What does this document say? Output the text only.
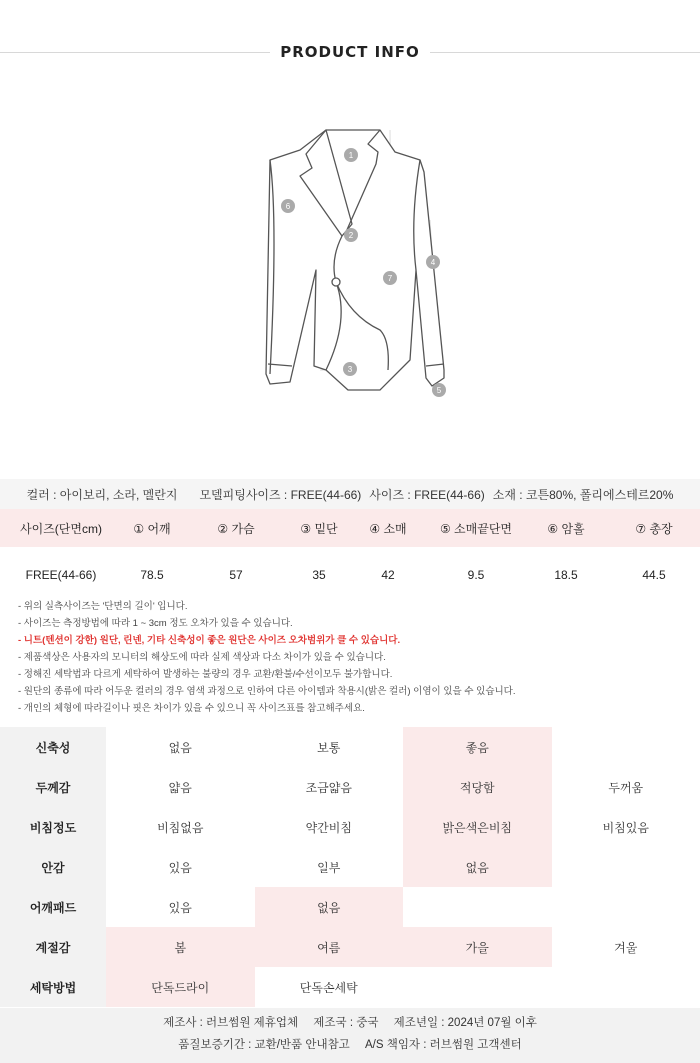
PRODUCT INFO
1
2
3
4
5
6
7
컬러 : 아이보리, 소라, 멜란지 모델피팅사이즈 : FREE(44-66) 사이즈 : FREE(44-66) 소재 : 코튼80%, 폴리에스테르20%
사이즈(단면cm)	① 어깨	② 가슴	③ 밑단	④ 소매	⑤ 소매끝단면	⑥ 암홀	⑦ 총장
FREE(44-66)	78.5	57	35	42	9.5	18.5	44.5
- 위의 실측사이즈는 '단면의 길이' 입니다.
- 사이즈는 측정방법에 따라 1 ~ 3cm 정도 오차가 있을 수 있습니다.
- 니트(텐션이 강한) 원단, 린넨, 기타 신축성이 좋은 원단은 사이즈 오차범위가 클 수 있습니다.
- 제품색상은 사용자의 모니터의 해상도에 따라 실제 색상과 다소 차이가 있을 수 있습니다.
- 정해진 세탁법과 다르게 세탁하여 발생하는 불량의 경우 교환/환불/수선이모두 불가합니다.
- 원단의 종류에 따라 어두운 컬러의 경우 염색 과정으로 인하여 다른 아이템과 착용시(밝은 컬러) 이염이 있을 수 있습니다.
- 개인의 체형에 따라길이나 핏은 차이가 있을 수 있으니 꼭 사이즈표를 참고해주세요.
신축성	없음	보통	좋음
두께감	얇음	조금얇음	적당함	두꺼움
비침정도	비침없음	약간비침	밝은색은비침	비침있음
안감	있음	일부	없음
어깨패드	있음	없음
계절감	봄	여름	가을	겨울
세탁방법	단독드라이	단독손세탁
제조사 : 러브썸원 제휴업체 제조국 : 중국 제조년일 : 2024년 07월 이후
품질보증기간 : 교환/반품 안내참고 A/S 책임자 : 러브썸원 고객센터
